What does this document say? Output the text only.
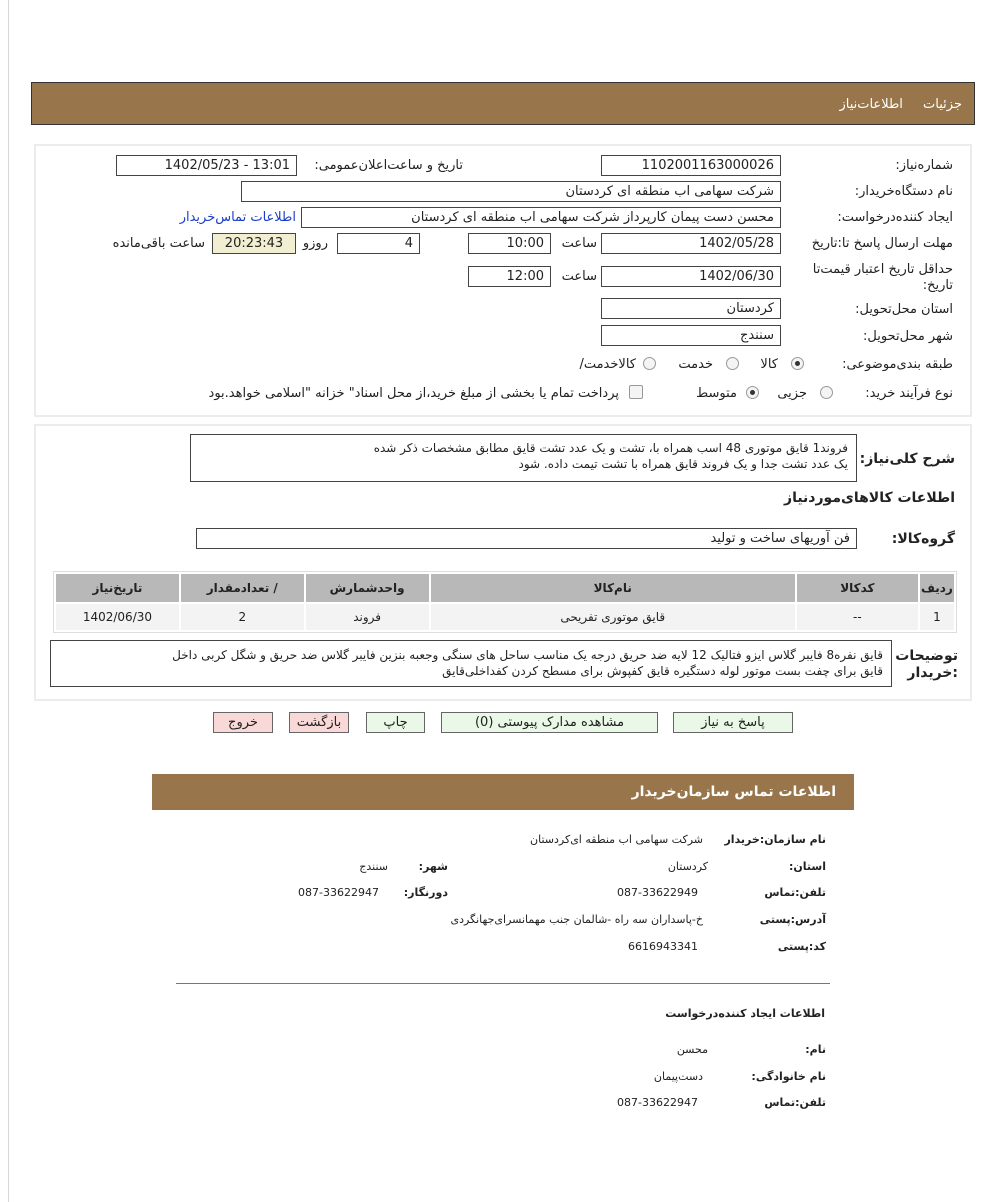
جزئیات اطلاعات‌نیاز
شماره‌نیاز:
1102001163000026
تاریخ و ساعت‌اعلان‌عمومی:
1402/05/23 - 13:01
نام دستگاه‌خریدار:
شرکت سهامی اب منطقه ای کردستان
ایجاد کننده‌درخواست:
محسن دست پیمان کارپرداز شرکت سهامی اب منطقه ای کردستان
اطلاعات تماس‌خریدار
مهلت ارسال پاسخ تا:تاریخ
1402/05/28
ساعت
10:00
4
روزو
20:23:43
ساعت باقی‌مانده
حداقل تاریخ اعتبار قیمت‌تا
تاریخ:
1402/06/30
ساعت
12:00
استان محل‌تحویل:
کردستان
شهر محل‌تحویل:
سنندج
طبقه بندی‌موضوعی:
کالا
خدمت
کالاخدمت/
نوع فرآیند خرید:
جزیی
متوسط
پرداخت تمام یا بخشی از مبلغ خرید،از محل اسناد" خزانه "اسلامی خواهد.بود
شرح کلی‌نیاز:
فروند1 قایق موتوری 48 اسب همراه با، تشت و یک عدد تشت قایق مطابق مشخصات ذکر شده
یک عدد تشت جدا و یک فروند قایق همراه با تشت تیمت داده. شود
اطلاعات کالاهای‌موردنیاز
گروه‌کالا:
فن آوریهای ساخت و تولید
ردیف	کدکالا	نام‌کالا	واحدشمارش	/ تعدادمقدار	تاریخ‌نیاز
1	--	قایق موتوری تفریحی	فروند	2	1402/06/30
توضیحات
:خریدار
قایق نفره8 فایبر گلاس ایزو فتالیک 12 لایه ضد حریق درجه یک مناسب ساحل های سنگی وجعبه بنزین فایبر گلاس ضد حریق و شگل کربی داخل
قایق برای چفت بست موتور لوله دستگیره قایق کفپوش برای مسطح کردن کفداخلی‌قایق
پاسخ به نیاز
مشاهده مدارک پیوستی (0)
چاپ
بازگشت
خروج
اطلاعات تماس سازمان‌خریدار
نام سازمان:خریدار
شرکت سهامی اب منطقه ای‌کردستان
استان:
کردستان
شهر:
سنندج
تلفن:تماس
087-33622949
دورنگار:
087-33622947
آدرس:پستی
خ-پاسداران سه راه -شالمان جنب مهمانسرای‌جهانگردی
کد:پستی
6616943341
اطلاعات ایجاد کننده‌درخواست
نام:
محسن
نام خانوادگی:
دست‌پیمان
تلفن:تماس
087-33622947
